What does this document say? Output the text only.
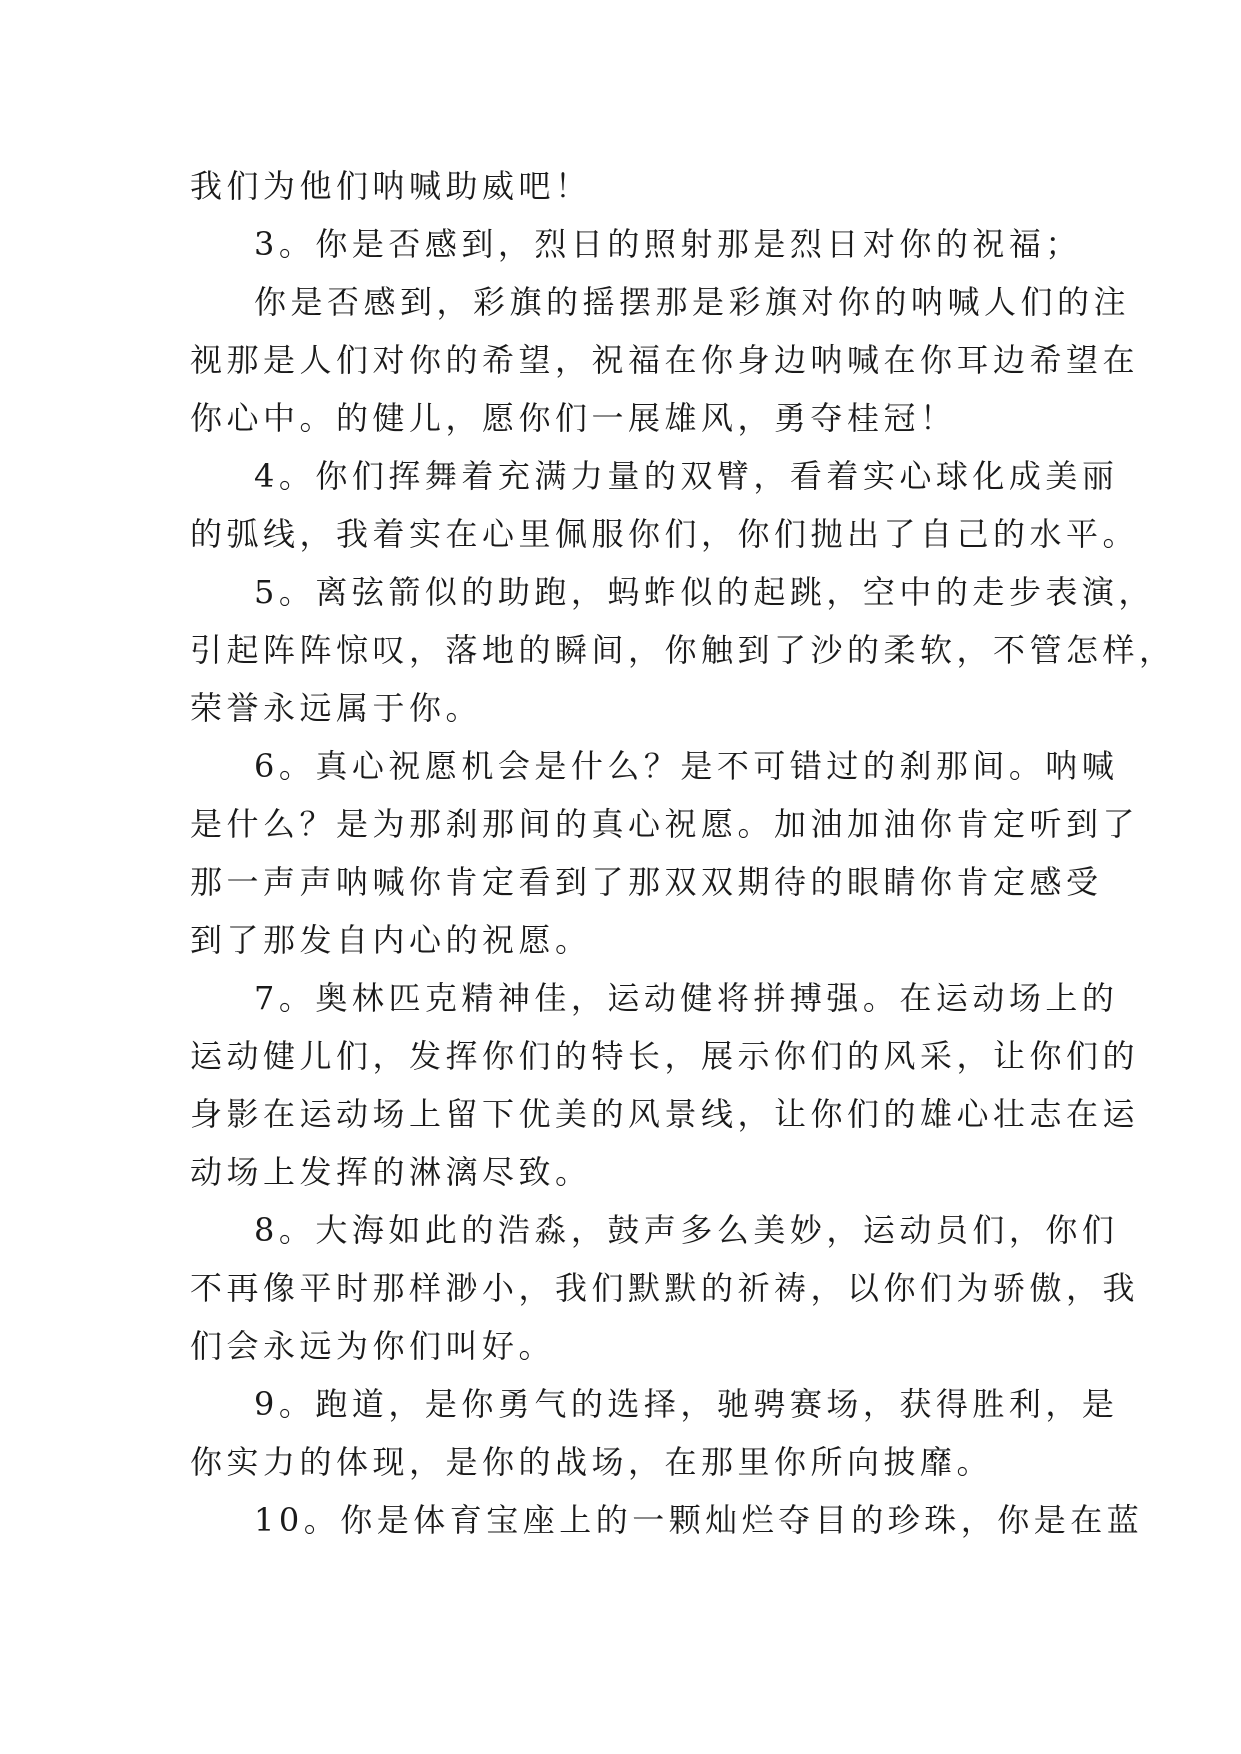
我们为他们呐喊助威吧！
3。你是否感到，烈日的照射那是烈日对你的祝福；
你是否感到，彩旗的摇摆那是彩旗对你的呐喊人们的注
视那是人们对你的希望，祝福在你身边呐喊在你耳边希望在
你心中。的健儿，愿你们一展雄风，勇夺桂冠！
4。你们挥舞着充满力量的双臂，看着实心球化成美丽
的弧线，我着实在心里佩服你们，你们抛出了自己的水平。
5。离弦箭似的助跑，蚂蚱似的起跳，空中的走步表演，
引起阵阵惊叹，落地的瞬间，你触到了沙的柔软，不管怎样，
荣誉永远属于你。
6。真心祝愿机会是什么？是不可错过的刹那间。呐喊
是什么？是为那刹那间的真心祝愿。加油加油你肯定听到了
那一声声呐喊你肯定看到了那双双期待的眼睛你肯定感受
到了那发自内心的祝愿。
7。奥林匹克精神佳，运动健将拼搏强。在运动场上的
运动健儿们，发挥你们的特长，展示你们的风采，让你们的
身影在运动场上留下优美的风景线，让你们的雄心壮志在运
动场上发挥的淋漓尽致。
8。大海如此的浩淼，鼓声多么美妙，运动员们，你们
不再像平时那样渺小，我们默默的祈祷，以你们为骄傲，我
们会永远为你们叫好。
9。跑道，是你勇气的选择，驰骋赛场，获得胜利，是
你实力的体现，是你的战场，在那里你所向披靡。
10。你是体育宝座上的一颗灿烂夺目的珍珠，你是在蓝
